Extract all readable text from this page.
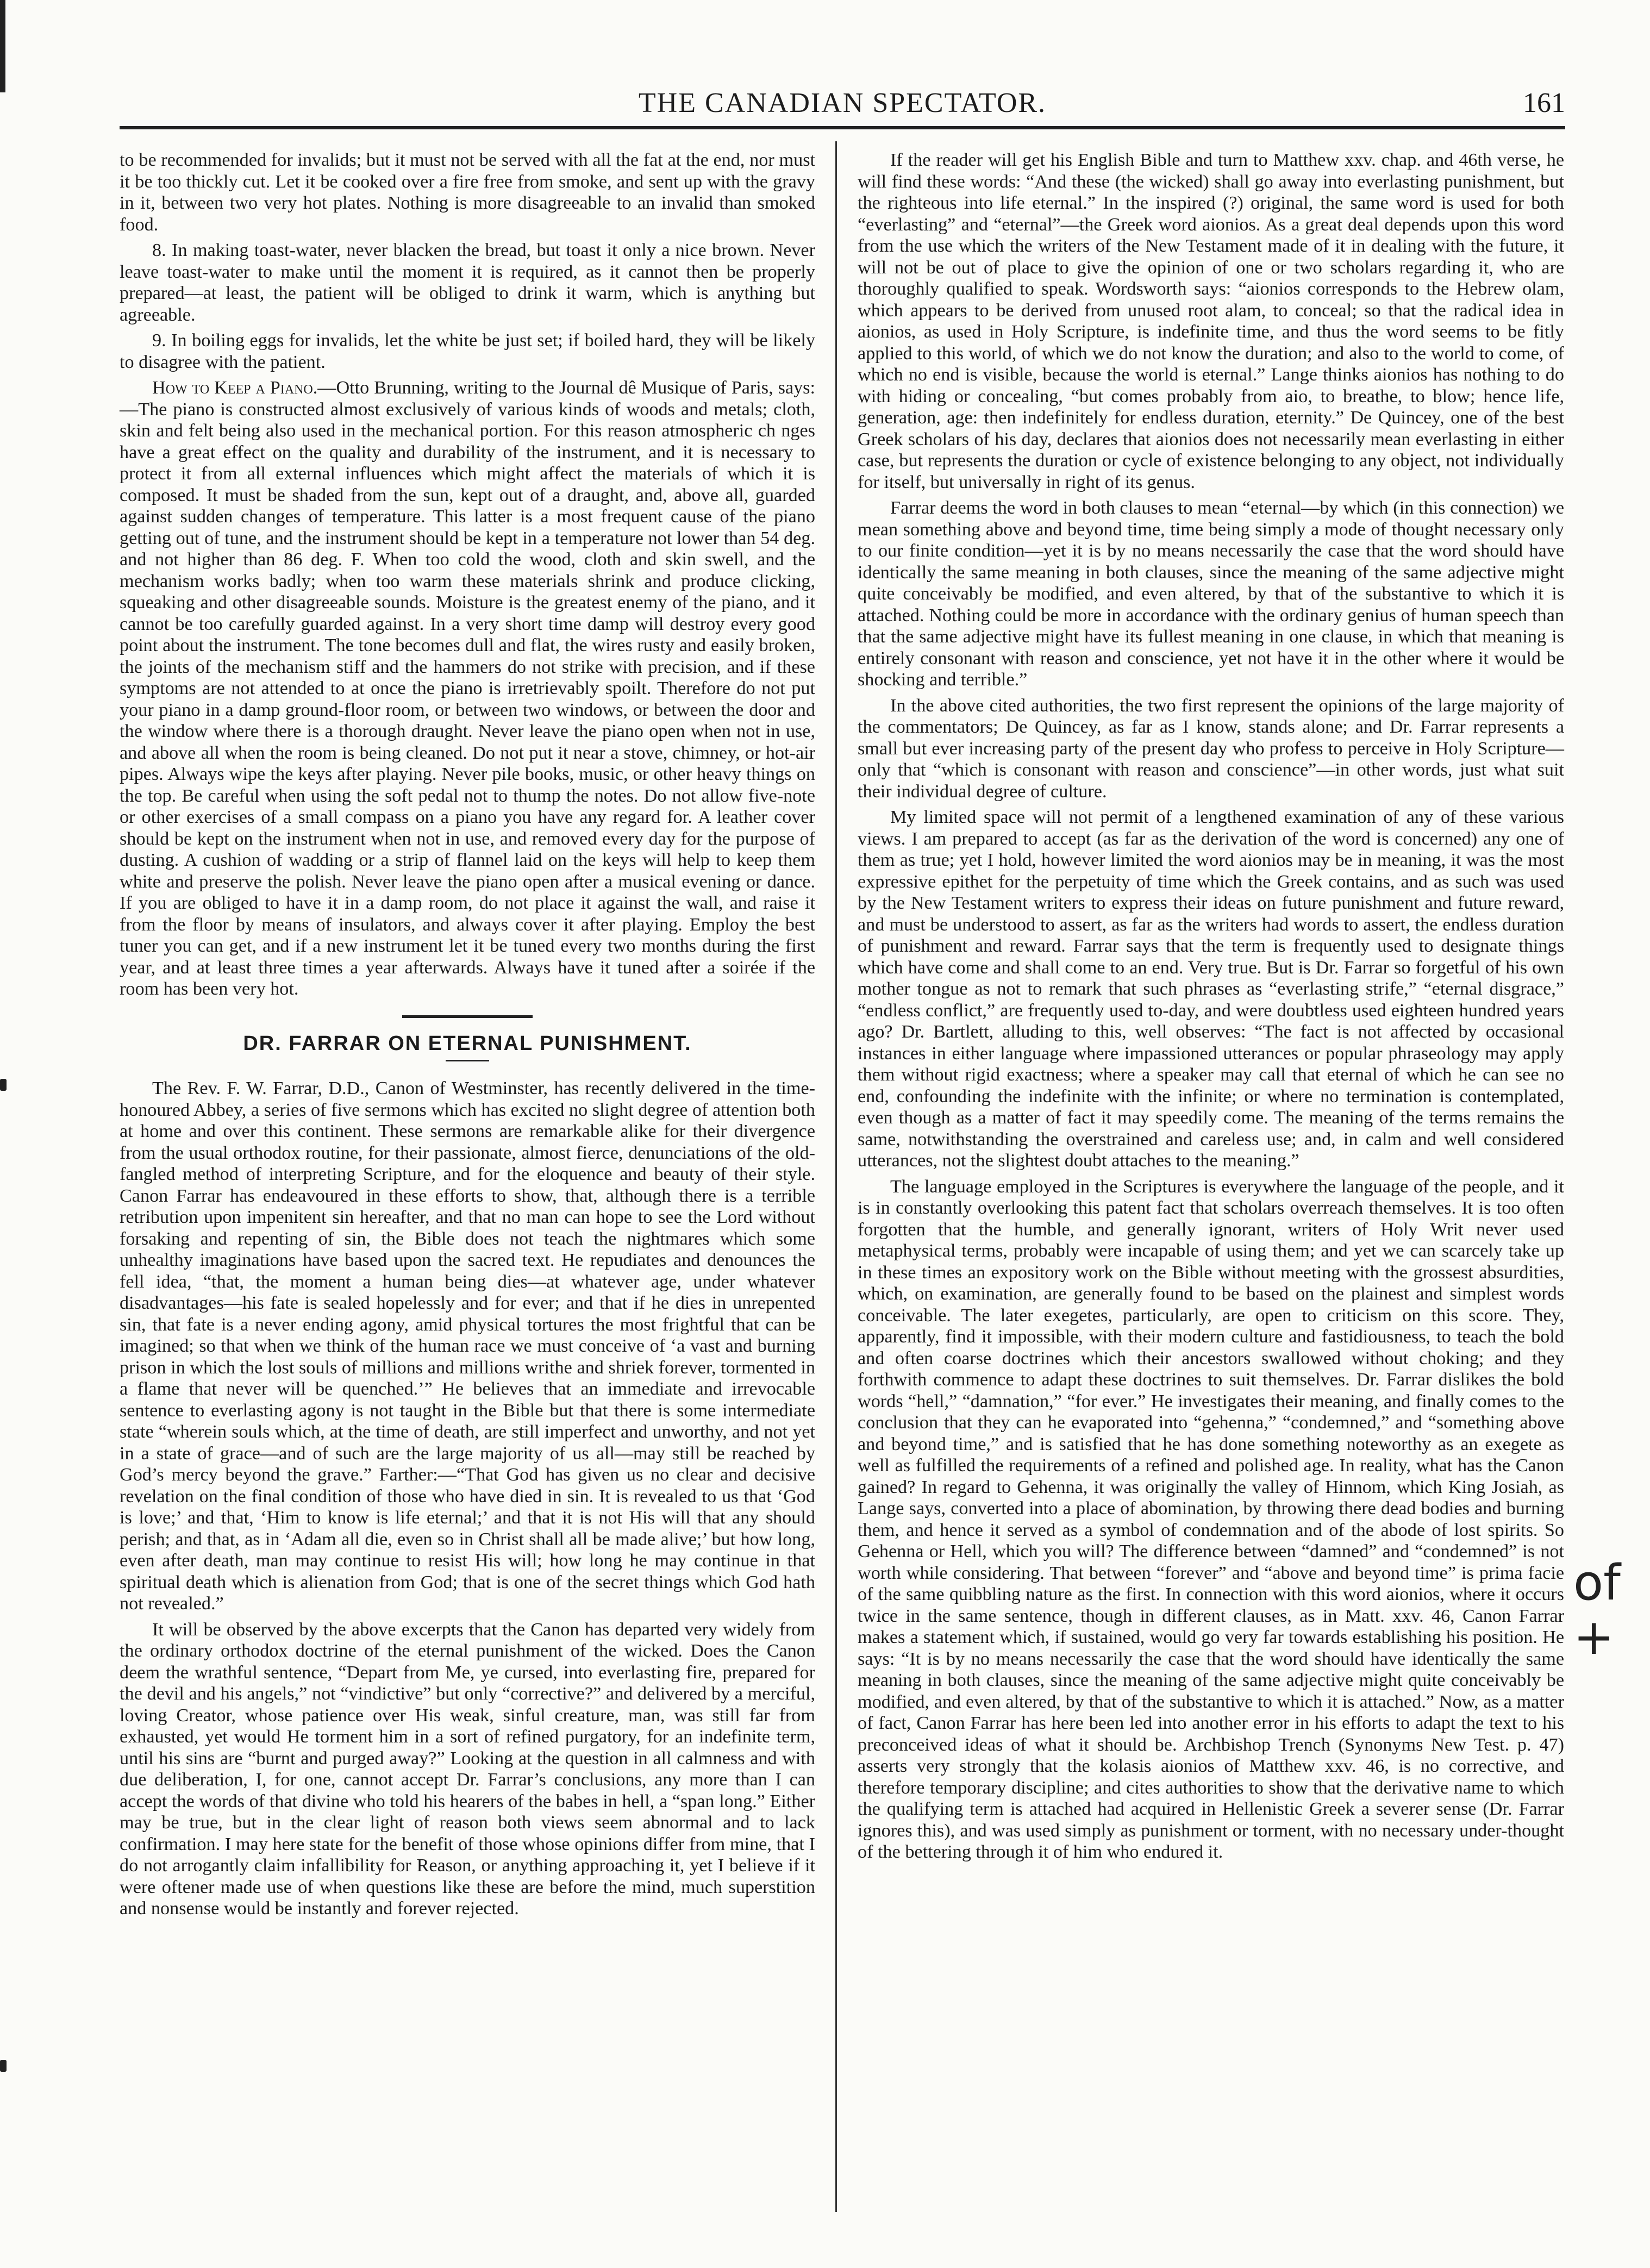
THE CANADIAN SPECTATOR.	161

to be recommended for invalids; but it must not be served with all the fat at the end, nor must it be too thickly cut. Let it be cooked over a fire free from smoke, and sent up with the gravy in it, between two very hot plates. Nothing is more disagreeable to an invalid than smoked food.

8. In making toast-water, never blacken the bread, but toast it only a nice brown. Never leave toast-water to make until the moment it is required, as it cannot then be properly prepared—at least, the patient will be obliged to drink it warm, which is anything but agreeable.

9. In boiling eggs for invalids, let the white be just set; if boiled hard, they will be likely to disagree with the patient.

How to Keep a Piano.—Otto Brunning, writing to the Journal dê Musique of Paris, says:—The piano is constructed almost exclusively of various kinds of woods and metals; cloth, skin and felt being also used in the mechanical portion. For this reason atmospheric ch nges have a great effect on the quality and durability of the instrument, and it is necessary to protect it from all external influences which might affect the materials of which it is composed. It must be shaded from the sun, kept out of a draught, and, above all, guarded against sudden changes of temperature. This latter is a most frequent cause of the piano getting out of tune, and the instrument should be kept in a temperature not lower than 54 deg. and not higher than 86 deg. F. When too cold the wood, cloth and skin swell, and the mechanism works badly; when too warm these materials shrink and produce clicking, squeaking and other disagreeable sounds. Moisture is the greatest enemy of the piano, and it cannot be too carefully guarded against. In a very short time damp will destroy every good point about the instrument. The tone becomes dull and flat, the wires rusty and easily broken, the joints of the mechanism stiff and the hammers do not strike with precision, and if these symptoms are not attended to at once the piano is irretrievably spoilt. Therefore do not put your piano in a damp ground-floor room, or between two windows, or between the door and the window where there is a thorough draught. Never leave the piano open when not in use, and above all when the room is being cleaned. Do not put it near a stove, chimney, or hot-air pipes. Always wipe the keys after playing. Never pile books, music, or other heavy things on the top. Be careful when using the soft pedal not to thump the notes. Do not allow five-note or other exercises of a small compass on a piano you have any regard for. A leather cover should be kept on the instrument when not in use, and removed every day for the purpose of dusting. A cushion of wadding or a strip of flannel laid on the keys will help to keep them white and preserve the polish. Never leave the piano open after a musical evening or dance. If you are obliged to have it in a damp room, do not place it against the wall, and raise it from the floor by means of insulators, and always cover it after playing. Employ the best tuner you can get, and if a new instrument let it be tuned every two months during the first year, and at least three times a year afterwards. Always have it tuned after a soirée if the room has been very hot.

DR. FARRAR ON ETERNAL PUNISHMENT.

The Rev. F. W. Farrar, D.D., Canon of Westminster, has recently delivered in the time-honoured Abbey, a series of five sermons which has excited no slight degree of attention both at home and over this continent. These sermons are remarkable alike for their divergence from the usual orthodox routine, for their passionate, almost fierce, denunciations of the old-fangled method of interpreting Scripture, and for the eloquence and beauty of their style. Canon Farrar has endeavoured in these efforts to show, that, although there is a terrible retribution upon impenitent sin hereafter, and that no man can hope to see the Lord without forsaking and repenting of sin, the Bible does not teach the nightmares which some unhealthy imaginations have based upon the sacred text. He repudiates and denounces the fell idea, “that, the moment a human being dies—at whatever age, under whatever disadvantages—his fate is sealed hopelessly and for ever; and that if he dies in unrepented sin, that fate is a never ending agony, amid physical tortures the most frightful that can be imagined; so that when we think of the human race we must conceive of ‘a vast and burning prison in which the lost souls of millions and millions writhe and shriek forever, tormented in a flame that never will be quenched.’” He believes that an immediate and irrevocable sentence to everlasting agony is not taught in the Bible but that there is some intermediate state “wherein souls which, at the time of death, are still imperfect and unworthy, and not yet in a state of grace—and of such are the large majority of us all—may still be reached by God’s mercy beyond the grave.” Farther:—“That God has given us no clear and decisive revelation on the final condition of those who have died in sin. It is revealed to us that ‘God is love;’ and that, ‘Him to know is life eternal;’ and that it is not His will that any should perish; and that, as in ‘Adam all die, even so in Christ shall all be made alive;’ but how long, even after death, man may continue to resist His will; how long he may continue in that spiritual death which is alienation from God; that is one of the secret things which God hath not revealed.”

It will be observed by the above excerpts that the Canon has departed very widely from the ordinary orthodox doctrine of the eternal punishment of the wicked. Does the Canon deem the wrathful sentence, “Depart from Me, ye cursed, into everlasting fire, prepared for the devil and his angels,” not “vindictive” but only “corrective?” and delivered by a merciful, loving Creator, whose patience over His weak, sinful creature, man, was still far from exhausted, yet would He torment him in a sort of refined purgatory, for an indefinite term, until his sins are “burnt and purged away?” Looking at the question in all calmness and with due deliberation, I, for one, cannot accept Dr. Farrar’s conclusions, any more than I can accept the words of that divine who told his hearers of the babes in hell, a “span long.” Either may be true, but in the clear light of reason both views seem abnormal and to lack confirmation. I may here state for the benefit of those whose opinions differ from mine, that I do not arrogantly claim infallibility for Reason, or anything approaching it, yet I believe if it were oftener made use of when questions like these are before the mind, much superstition and nonsense would be instantly and forever rejected.

If the reader will get his English Bible and turn to Matthew xxv. chap. and 46th verse, he will find these words: “And these (the wicked) shall go away into everlasting punishment, but the righteous into life eternal.” In the inspired (?) original, the same word is used for both “everlasting” and “eternal”—the Greek word aionios. As a great deal depends upon this word from the use which the writers of the New Testament made of it in dealing with the future, it will not be out of place to give the opinion of one or two scholars regarding it, who are thoroughly qualified to speak. Wordsworth says: “aionios corresponds to the Hebrew olam, which appears to be derived from unused root alam, to conceal; so that the radical idea in aionios, as used in Holy Scripture, is indefinite time, and thus the word seems to be fitly applied to this world, of which we do not know the duration; and also to the world to come, of which no end is visible, because the world is eternal.” Lange thinks aionios has nothing to do with hiding or concealing, “but comes probably from aio, to breathe, to blow; hence life, generation, age: then indefinitely for endless duration, eternity.” De Quincey, one of the best Greek scholars of his day, declares that aionios does not necessarily mean everlasting in either case, but represents the duration or cycle of existence belonging to any object, not individually for itself, but universally in right of its genus.

Farrar deems the word in both clauses to mean “eternal—by which (in this connection) we mean something above and beyond time, time being simply a mode of thought necessary only to our finite condition—yet it is by no means necessarily the case that the word should have identically the same meaning in both clauses, since the meaning of the same adjective might quite conceivably be modified, and even altered, by that of the substantive to which it is attached. Nothing could be more in accordance with the ordinary genius of human speech than that the same adjective might have its fullest meaning in one clause, in which that meaning is entirely consonant with reason and conscience, yet not have it in the other where it would be shocking and terrible.”

In the above cited authorities, the two first represent the opinions of the large majority of the commentators; De Quincey, as far as I know, stands alone; and Dr. Farrar represents a small but ever increasing party of the present day who profess to perceive in Holy Scripture—only that “which is consonant with reason and conscience”—in other words, just what suit their individual degree of culture.

My limited space will not permit of a lengthened examination of any of these various views. I am prepared to accept (as far as the derivation of the word is concerned) any one of them as true; yet I hold, however limited the word aionios may be in meaning, it was the most expressive epithet for the perpetuity of time which the Greek contains, and as such was used by the New Testament writers to express their ideas on future punishment and future reward, and must be understood to assert, as far as the writers had words to assert, the endless duration of punishment and reward. Farrar says that the term is frequently used to designate things which have come and shall come to an end. Very true. But is Dr. Farrar so forgetful of his own mother tongue as not to remark that such phrases as “everlasting strife,” “eternal disgrace,” “endless conflict,” are frequently used to-day, and were doubtless used eighteen hundred years ago? Dr. Bartlett, alluding to this, well observes: “The fact is not affected by occasional instances in either language where impassioned utterances or popular phraseology may apply them without rigid exactness; where a speaker may call that eternal of which he can see no end, confounding the indefinite with the infinite; or where no termination is contemplated, even though as a matter of fact it may speedily come. The meaning of the terms remains the same, notwithstanding the overstrained and careless use; and, in calm and well considered utterances, not the slightest doubt attaches to the meaning.”

The language employed in the Scriptures is everywhere the language of the people, and it is in constantly overlooking this patent fact that scholars overreach themselves. It is too often forgotten that the humble, and generally ignorant, writers of Holy Writ never used metaphysical terms, probably were incapable of using them; and yet we can scarcely take up in these times an expository work on the Bible without meeting with the grossest absurdities, which, on examination, are generally found to be based on the plainest and simplest words conceivable. The later exegetes, particularly, are open to criticism on this score. They, apparently, find it impossible, with their modern culture and fastidiousness, to teach the bold and often coarse doctrines which their ancestors swallowed without choking; and they forthwith commence to adapt these doctrines to suit themselves. Dr. Farrar dislikes the bold words “hell,” “damnation,” “for ever.” He investigates their meaning, and finally comes to the conclusion that they can he evaporated into “gehenna,” “condemned,” and “something above and beyond time,” and is satisfied that he has done something noteworthy as an exegete as well as fulfilled the requirements of a refined and polished age. In reality, what has the Canon gained? In regard to Gehenna, it was originally the valley of Hinnom, which King Josiah, as Lange says, converted into a place of abomination, by throwing there dead bodies and burning them, and hence it served as a symbol of condemnation and of the abode of lost spirits. So Gehenna or Hell, which you will? The difference between “damned” and “condemned” is not worth while considering. That between “forever” and “above and beyond time” is prima facie of the same quibbling nature as the first. In connection with this word aionios, where it occurs twice in the same sentence, though in different clauses, as in Matt. xxv. 46, Canon Farrar makes a statement which, if sustained, would go very far towards establishing his position. He says: “It is by no means necessarily the case that the word should have identically the same meaning in both clauses, since the meaning of the same adjective might quite conceivably be modified, and even altered, by that of the substantive to which it is attached.” Now, as a matter of fact, Canon Farrar has here been led into another error in his efforts to adapt the text to his preconceived ideas of what it should be. Archbishop Trench (Synonyms New Test. p. 47) asserts very strongly that the kolasis aionios of Matthew xxv. 46, is no corrective, and therefore temporary discipline; and cites authorities to show that the derivative name to which the qualifying term is attached had acquired in Hellenistic Greek a severer sense (Dr. Farrar ignores this), and was used simply as punishment or torment, with no necessary under-thought of the bettering through it of him who endured it.

of
+
